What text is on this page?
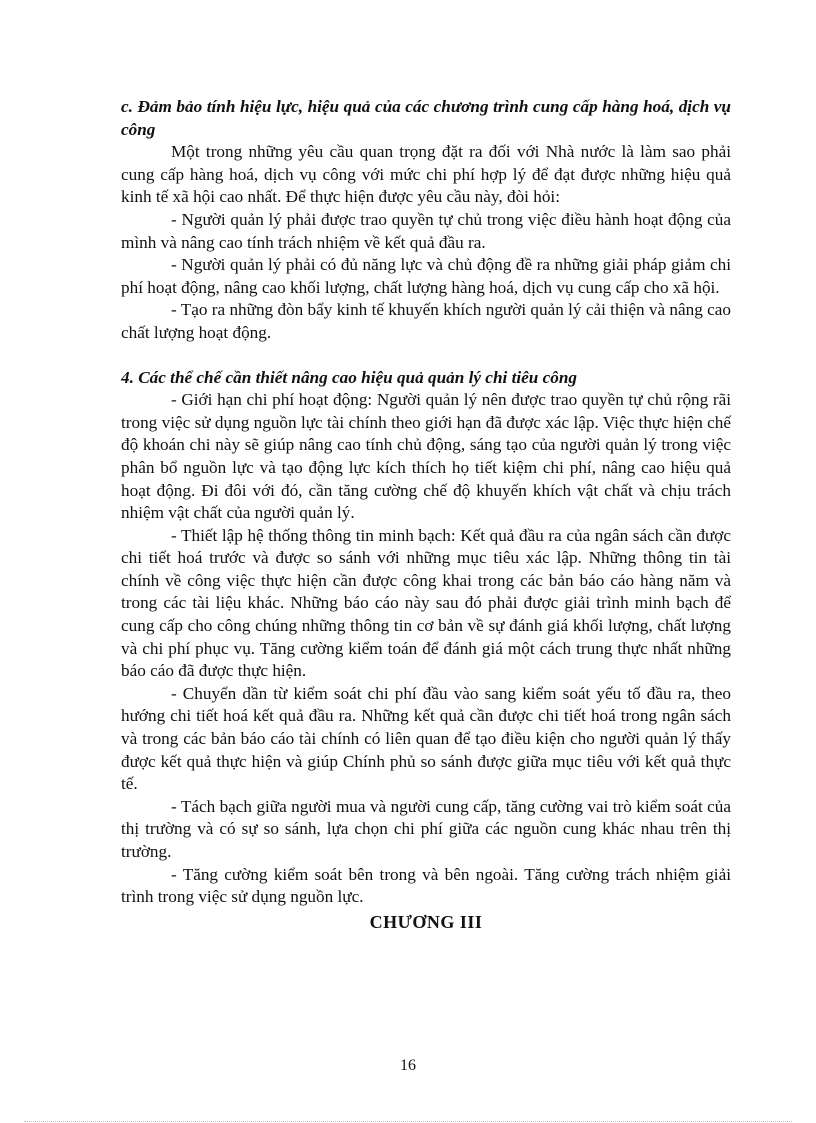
c. Đảm bảo tính hiệu lực, hiệu quả của các chương trình cung cấp hàng hoá, dịch vụ công

Một trong những yêu cầu quan trọng đặt ra đối với Nhà nước là làm sao phải cung cấp hàng hoá, dịch vụ công với mức chi phí hợp lý để đạt được những hiệu quả kinh tế xã hội cao nhất. Để thực hiện được yêu cầu này, đòi hỏi:

- Người quản lý phải được trao quyền tự chủ trong việc điều hành hoạt động của mình và nâng cao tính trách nhiệm về kết quả đầu ra.

- Người quản lý phải có đủ năng lực và chủ động đề ra những giải pháp giảm chi phí hoạt động, nâng cao khối lượng, chất lượng hàng hoá, dịch vụ cung cấp cho xã hội.

- Tạo ra những đòn bẩy kinh tế khuyến khích người quản lý cải thiện và nâng cao chất lượng hoạt động.

4. Các thể chế cần thiết nâng cao hiệu quả quản lý chi tiêu công

- Giới hạn chi phí hoạt động: Người quản lý nên được trao quyền tự chủ rộng rãi trong việc sử dụng nguồn lực tài chính theo giới hạn đã được xác lập. Việc thực hiện chế độ khoán chi này sẽ giúp nâng cao tính chủ động, sáng tạo của người quản lý trong việc phân bổ nguồn lực và tạo động lực kích thích họ tiết kiệm chi phí, nâng cao hiệu quả hoạt động. Đi đôi với đó, cần tăng cường chế độ khuyến khích vật chất và chịu trách nhiệm vật chất của người quản lý.

- Thiết lập hệ thống thông tin minh bạch: Kết quả đầu ra của ngân sách cần được chi tiết hoá trước và được so sánh với những mục tiêu xác lập. Những thông tin tài chính về công việc thực hiện cần được công khai trong các bản báo cáo hàng năm và trong các tài liệu khác. Những báo cáo này sau đó phải được giải trình minh bạch để cung cấp cho công chúng những thông tin cơ bản về sự đánh giá khối lượng, chất lượng và chi phí phục vụ. Tăng cường kiểm toán để đánh giá một cách trung thực nhất những báo cáo đã được thực hiện.

- Chuyển dần từ kiểm soát chi phí đầu vào sang kiểm soát yếu tố đầu ra, theo hướng chi tiết hoá kết quả đầu ra. Những kết quả cần được chi tiết hoá trong ngân sách và trong các bản báo cáo tài chính có liên quan để tạo điều kiện cho người quản lý thấy được kết quả thực hiện và giúp Chính phủ so sánh được giữa mục tiêu với kết quả thực tế.

- Tách bạch giữa người mua và người cung cấp, tăng cường vai trò kiểm soát của thị trường và có sự so sánh, lựa chọn chi phí giữa các nguồn cung khác nhau trên thị trường.

- Tăng cường kiểm soát bên trong và bên ngoài. Tăng cường trách nhiệm giải trình trong việc sử dụng nguồn lực.

CHƯƠNG III

16
